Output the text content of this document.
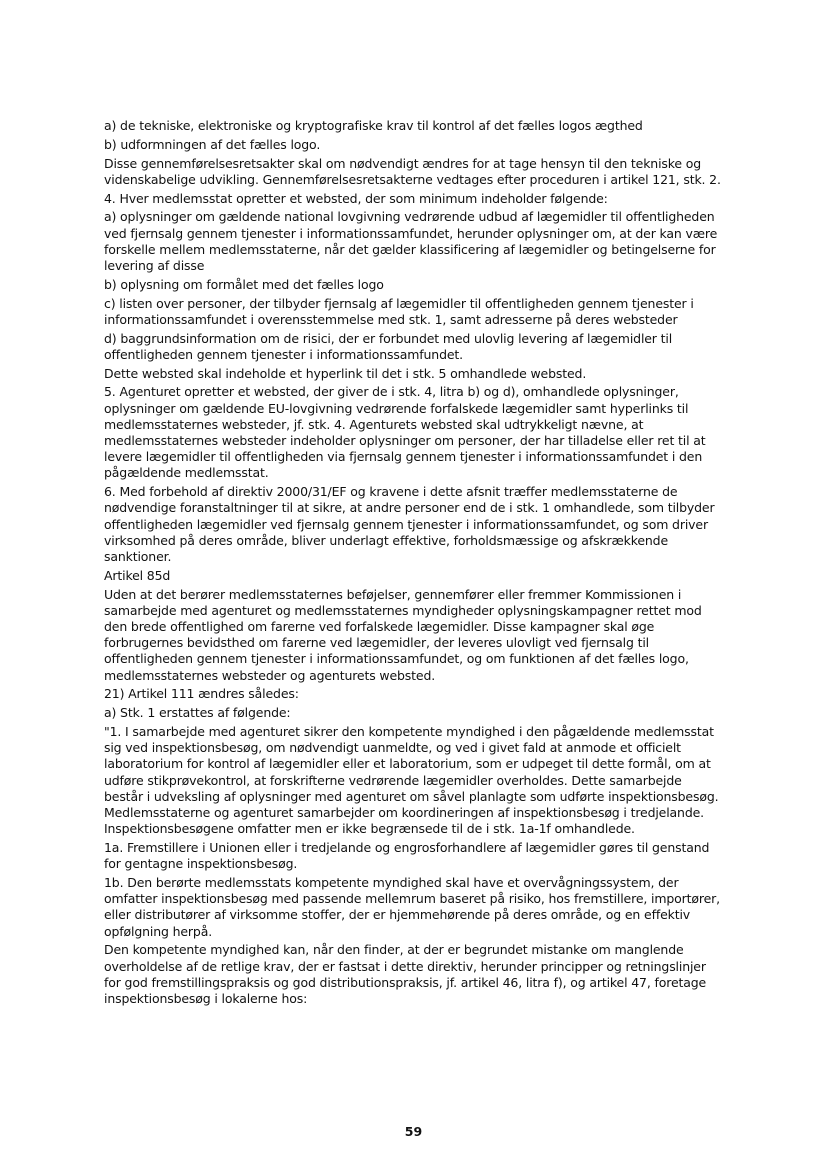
a) de tekniske, elektroniske og kryptografiske krav til kontrol af det fælles logos ægthed

b) udformningen af det fælles logo.

Disse gennemførelsesretsakter skal om nødvendigt ændres for at tage hensyn til den tekniske og videnskabelige udvikling. Gennemførelsesretsakterne vedtages efter proceduren i artikel 121, stk. 2.

4. Hver medlemsstat opretter et websted, der som minimum indeholder følgende:

a) oplysninger om gældende national lovgivning vedrørende udbud af lægemidler til offentligheden ved fjernsalg gennem tjenester i informationssamfundet, herunder oplysninger om, at der kan være forskelle mellem medlemsstaterne, når det gælder klassificering af lægemidler og betingelserne for levering af disse

b) oplysning om formålet med det fælles logo

c) listen over personer, der tilbyder fjernsalg af lægemidler til offentligheden gennem tjenester i informationssamfundet i overensstemmelse med stk. 1, samt adresserne på deres websteder

d) baggrundsinformation om de risici, der er forbundet med ulovlig levering af lægemidler til offentligheden gennem tjenester i informationssamfundet.

Dette websted skal indeholde et hyperlink til det i stk. 5 omhandlede websted.

5. Agenturet opretter et websted, der giver de i stk. 4, litra b) og d), omhandlede oplysninger, oplysninger om gældende EU-lovgivning vedrørende forfalskede lægemidler samt hyperlinks til medlemsstaternes websteder, jf. stk. 4. Agenturets websted skal udtrykkeligt nævne, at medlemsstaternes websteder indeholder oplysninger om personer, der har tilladelse eller ret til at levere lægemidler til offentligheden via fjernsalg gennem tjenester i informationssamfundet i den pågældende medlemsstat.

6. Med forbehold af direktiv 2000/31/EF og kravene i dette afsnit træffer medlemsstaterne de nødvendige foranstaltninger til at sikre, at andre personer end de i stk. 1 omhandlede, som tilbyder offentligheden lægemidler ved fjernsalg gennem tjenester i informationssamfundet, og som driver virksomhed på deres område, bliver underlagt effektive, forholdsmæssige og afskrækkende sanktioner.

Artikel 85d

Uden at det berører medlemsstaternes beføjelser, gennemfører eller fremmer Kommissionen i samarbejde med agenturet og medlemsstaternes myndigheder oplysningskampagner rettet mod den brede offentlighed om farerne ved forfalskede lægemidler. Disse kampagner skal øge forbrugernes bevidsthed om farerne ved lægemidler, der leveres ulovligt ved fjernsalg til offentligheden gennem tjenester i informationssamfundet, og om funktionen af det fælles logo, medlemsstaternes websteder og agenturets websted.

21) Artikel 111 ændres således:

a) Stk. 1 erstattes af følgende:

"1. I samarbejde med agenturet sikrer den kompetente myndighed i den pågældende medlemsstat sig ved inspektionsbesøg, om nødvendigt uanmeldte, og ved i givet fald at anmode et officielt laboratorium for kontrol af lægemidler eller et laboratorium, som er udpeget til dette formål, om at udføre stikprøvekontrol, at forskrifterne vedrørende lægemidler overholdes. Dette samarbejde består i udveksling af oplysninger med agenturet om såvel planlagte som udførte inspektionsbesøg. Medlemsstaterne og agenturet samarbejder om koordineringen af inspektionsbesøg i tredjelande. Inspektionsbesøgene omfatter men er ikke begrænsede til de i stk. 1a-1f omhandlede.

1a. Fremstillere i Unionen eller i tredjelande og engrosforhandlere af lægemidler gøres til genstand for gentagne inspektionsbesøg.

1b. Den berørte medlemsstats kompetente myndighed skal have et overvågningssystem, der omfatter inspektionsbesøg med passende mellemrum baseret på risiko, hos fremstillere, importører, eller distributører af virksomme stoffer, der er hjemmehørende på deres område, og en effektiv opfølgning herpå.

Den kompetente myndighed kan, når den finder, at der er begrundet mistanke om manglende overholdelse af de retlige krav, der er fastsat i dette direktiv, herunder principper og retningslinjer for god fremstillingspraksis og god distributionspraksis, jf. artikel 46, litra f), og artikel 47, foretage inspektionsbesøg i lokalerne hos:

59
